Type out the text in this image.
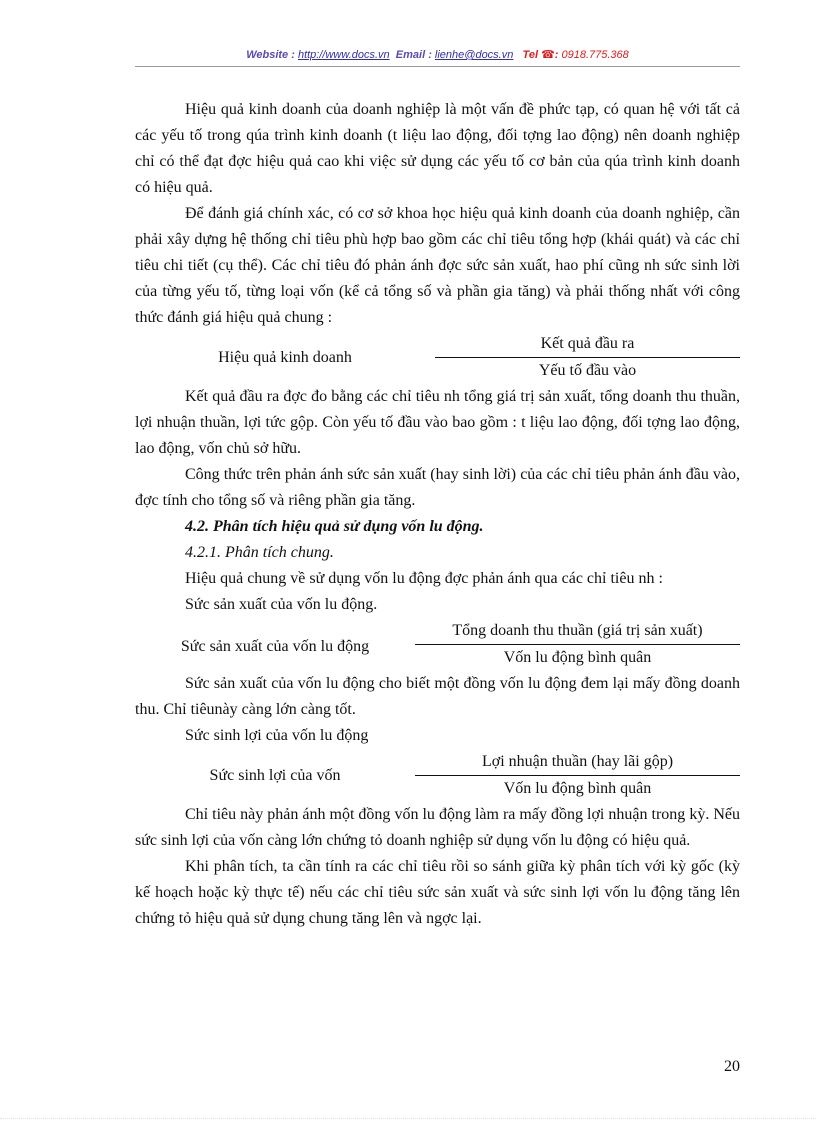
Website : http://www.docs.vn Email : lienhe@docs.vn Tel ☎: 0918.775.368

Hiệu quả kinh doanh của doanh nghiệp là một vấn đề phức tạp, có quan hệ với tất cả các yếu tố trong qúa trình kinh doanh (t liệu lao động, đối tợng lao động) nên doanh nghiệp chỉ có thể đạt đợc hiệu quả cao khi việc sử dụng các yếu tố cơ bản của qúa trình kinh doanh có hiệu quả.

Để đánh giá chính xác, có cơ sở khoa học hiệu quả kinh doanh của doanh nghiệp, cần phải xây dựng hệ thống chỉ tiêu phù hợp bao gồm các chỉ tiêu tổng hợp (khái quát) và các chỉ tiêu chi tiết (cụ thể). Các chỉ tiêu đó phản ánh đợc sức sản xuất, hao phí cũng nh sức sinh lời của từng yếu tố, từng loại vốn (kể cả tổng số và phần gia tăng) và phải thống nhất với công thức đánh giá hiệu quả chung :

Hiệu quả kinh doanh	$\frac{\text{Kết quả đầu ra}}{\text{Yếu tố đầu vào}}$

Kết quả đầu ra đợc đo bằng các chỉ tiêu nh tổng giá trị sản xuất, tổng doanh thu thuần, lợi nhuận thuần, lợi tức gộp. Còn yếu tố đầu vào bao gồm : t liệu lao động, đối tợng lao động, lao động, vốn chủ sở hữu.

Công thức trên phản ánh sức sản xuất (hay sinh lời) của các chỉ tiêu phản ánh đầu vào, đợc tính cho tổng số và riêng phần gia tăng.

4.2. Phân tích hiệu quả sử dụng vốn lu động.

4.2.1. Phân tích chung.

Hiệu quả chung về sử dụng vốn lu động đợc phản ánh qua các chỉ tiêu nh :

Sức sản xuất của vốn lu động.

Sức sản xuất của vốn lu động	$\frac{\text{Tổng doanh thu thuần (giá trị sản xuất)}}{\text{Vốn lu động bình quân}}$

Sức sản xuất của vốn lu động cho biết một đồng vốn lu động đem lại mấy đồng doanh thu. Chỉ tiêunày càng lớn càng tốt.

Sức sinh lợi của vốn lu động

Sức sinh lợi của vốn	$\frac{\text{Lợi nhuận thuần (hay lãi gộp)}}{\text{Vốn lu động bình quân}}$

Chỉ tiêu này phản ánh một đồng vốn lu động làm ra mấy đồng lợi nhuận trong kỳ. Nếu sức sinh lợi của vốn càng lớn chứng tỏ doanh nghiệp sử dụng vốn lu động có hiệu quả.

Khi phân tích, ta cần tính ra các chỉ tiêu rồi so sánh giữa kỳ phân tích với kỳ gốc (kỳ kế hoạch hoặc kỳ thực tế) nếu các chỉ tiêu sức sản xuất và sức sinh lợi vốn lu động tăng lên chứng tỏ hiệu quả sử dụng chung tăng lên và ngợc lại.

20
